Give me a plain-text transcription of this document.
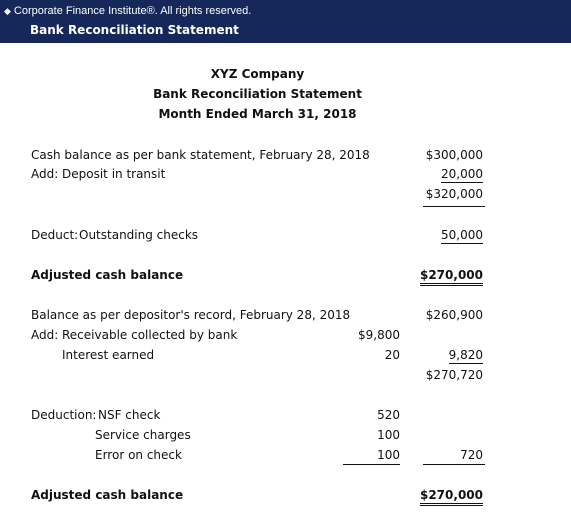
◆ Corporate Finance Institute®. All rights reserved.
Bank Reconciliation Statement
XYZ Company
Bank Reconciliation Statement
Month Ended March 31, 2018
Cash balance as per bank statement, February 28, 2018	$300,000
Add: Deposit in transit	20,000
$320,000
Deduct: Outstanding checks	50,000
Adjusted cash balance	$270,000
Balance as per depositor's record, February 28, 2018	$260,900
Add: Receivable collected by bank	$9,800
Interest earned	20	9,820
$270,720
Deduction: NSF check	520
Service charges	100
Error on check	100	720
Adjusted cash balance	$270,000
